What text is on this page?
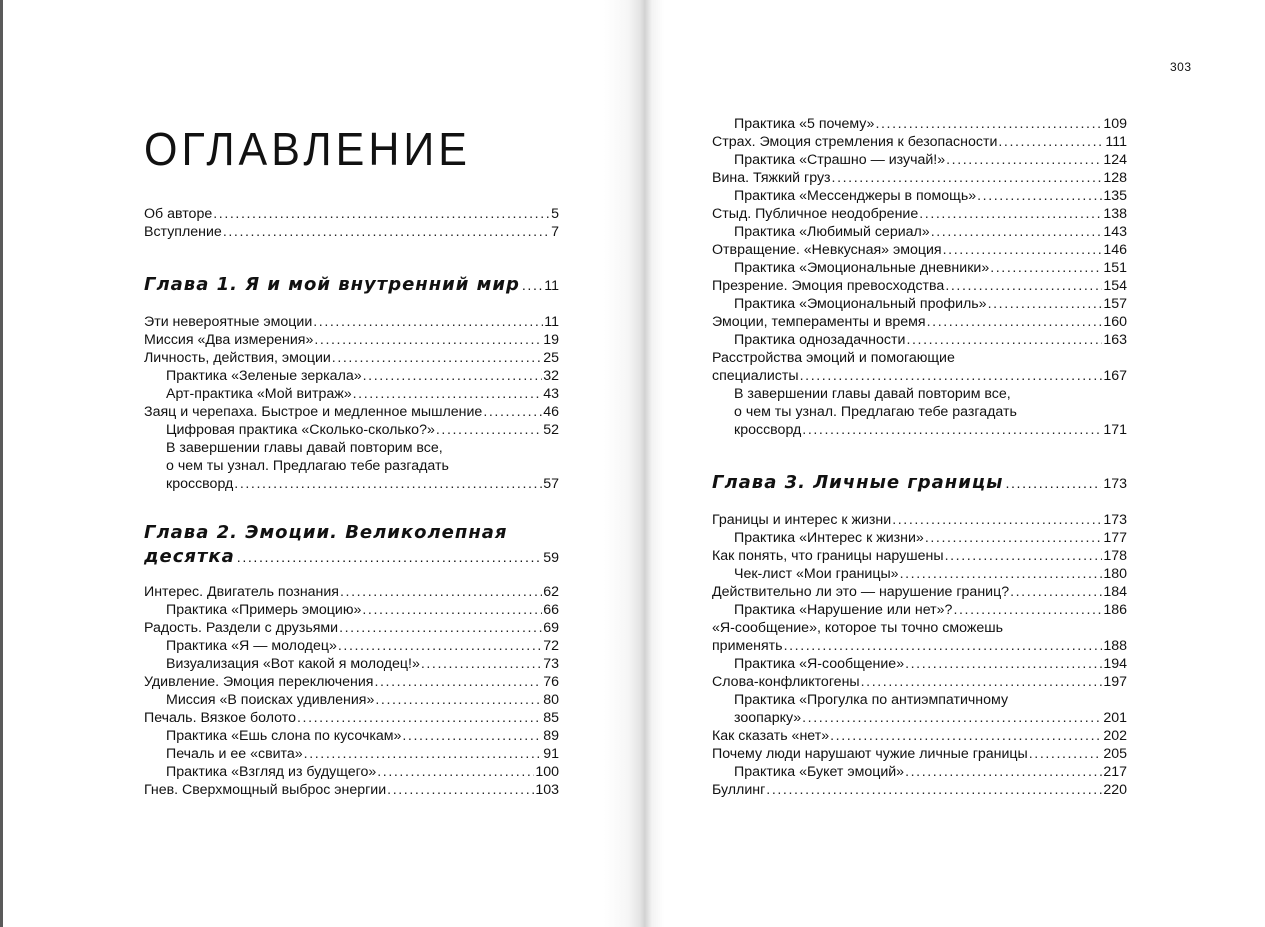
303
ОГЛАВЛЕНИЕ
Об авторе .....	5
Вступление .....	7
Глава 1. Я и мой внутренний мир ..... 11
Эти невероятные эмоции .....	11
Миссия «Два измерения» .....	19
Личность, действия, эмоции .....	25
Практика «Зеленые зеркала» .....	32
Арт-практика «Мой витраж» .....	43
Заяц и черепаха. Быстрое и медленное мышление .....	46
Цифровая практика «Сколько-сколько?» .....	52
В завершении главы давай повторим все,
о чем ты узнал. Предлагаю тебе разгадать
кроссворд .....	57
Глава 2. Эмоции. Великолепная
десятка .....	59
Интерес. Двигатель познания .....	62
Практика «Примерь эмоцию» .....	66
Радость. Раздели с друзьями .....	69
Практика «Я — молодец» .....	72
Визуализация «Вот какой я молодец!» .....	73
Удивление. Эмоция переключения .....	76
Миссия «В поисках удивления» .....	80
Печаль. Вязкое болото .....	85
Практика «Ешь слона по кусочкам» .....	89
Печаль и ее «свита» .....	91
Практика «Взгляд из будущего» .....	100
Гнев. Сверхмощный выброс энергии .....	103
Практика «5 почему» .....	109
Страх. Эмоция стремления к безопасности .....	111
Практика «Страшно — изучай!» .....	124
Вина. Тяжкий груз .....	128
Практика «Мессенджеры в помощь» .....	135
Стыд. Публичное неодобрение .....	138
Практика «Любимый сериал» .....	143
Отвращение. «Невкусная» эмоция .....	146
Практика «Эмоциональные дневники» .....	151
Презрение. Эмоция превосходства .....	154
Практика «Эмоциональный профиль» .....	157
Эмоции, темпераменты и время .....	160
Практика однозадачности .....	163
Расстройства эмоций и помогающие
специалисты .....	167
В завершении главы давай повторим все,
о чем ты узнал. Предлагаю тебе разгадать
кроссворд .....	171
Глава 3. Личные границы .....	173
Границы и интерес к жизни .....	173
Практика «Интерес к жизни» .....	177
Как понять, что границы нарушены .....	178
Чек-лист «Мои границы» .....	180
Действительно ли это — нарушение границ? .....	184
Практика «Нарушение или нет»? .....	186
«Я-сообщение», которое ты точно сможешь
применять .....	188
Практика «Я-сообщение» .....	194
Слова-конфликтогены .....	197
Практика «Прогулка по антиэмпатичному
зоопарку» .....	201
Как сказать «нет» .....	202
Почему люди нарушают чужие личные границы .....	205
Практика «Букет эмоций» .....	217
Буллинг .....	220
